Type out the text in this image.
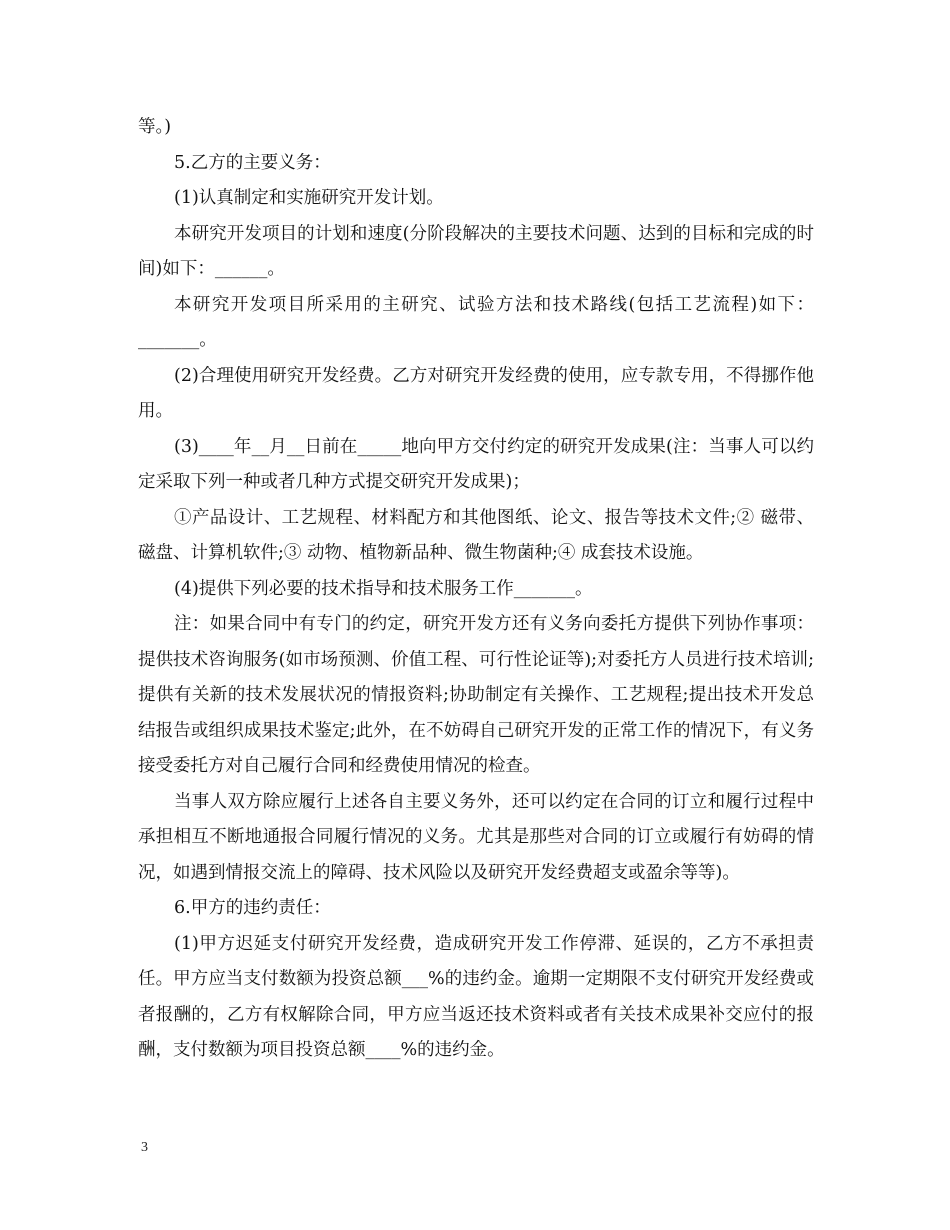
等。)

5.乙方的主要义务：

(1)认真制定和实施研究开发计划。

本研究开发项目的计划和速度(分阶段解决的主要技术问题、达到的目标和完成的时间)如下：______。

本研究开发项目所采用的主研究、试验方法和技术路线(包括工艺流程)如下：_______。

(2)合理使用研究开发经费。乙方对研究开发经费的使用，应专款专用，不得挪作他用。

(3)____年__月__日前在_____地向甲方交付约定的研究开发成果(注：当事人可以约定采取下列一种或者几种方式提交研究开发成果)；

①产品设计、工艺规程、材料配方和其他图纸、论文、报告等技术文件;② 磁带、磁盘、计算机软件;③ 动物、植物新品种、微生物菌种;④ 成套技术设施。

(4)提供下列必要的技术指导和技术服务工作_______。

注：如果合同中有专门的约定，研究开发方还有义务向委托方提供下列协作事项：提供技术咨询服务(如市场预测、价值工程、可行性论证等);对委托方人员进行技术培训;提供有关新的技术发展状况的情报资料;协助制定有关操作、工艺规程;提出技术开发总结报告或组织成果技术鉴定;此外，在不妨碍自己研究开发的正常工作的情况下，有义务接受委托方对自己履行合同和经费使用情况的检查。

当事人双方除应履行上述各自主要义务外，还可以约定在合同的订立和履行过程中承担相互不断地通报合同履行情况的义务。尤其是那些对合同的订立或履行有妨碍的情况，如遇到情报交流上的障碍、技术风险以及研究开发经费超支或盈余等等)。

6.甲方的违约责任：

(1)甲方迟延支付研究开发经费，造成研究开发工作停滞、延误的，乙方不承担责任。甲方应当支付数额为投资总额___%的违约金。逾期一定期限不支付研究开发经费或者报酬的，乙方有权解除合同，甲方应当返还技术资料或者有关技术成果补交应付的报酬，支付数额为项目投资总额____%的违约金。

3
